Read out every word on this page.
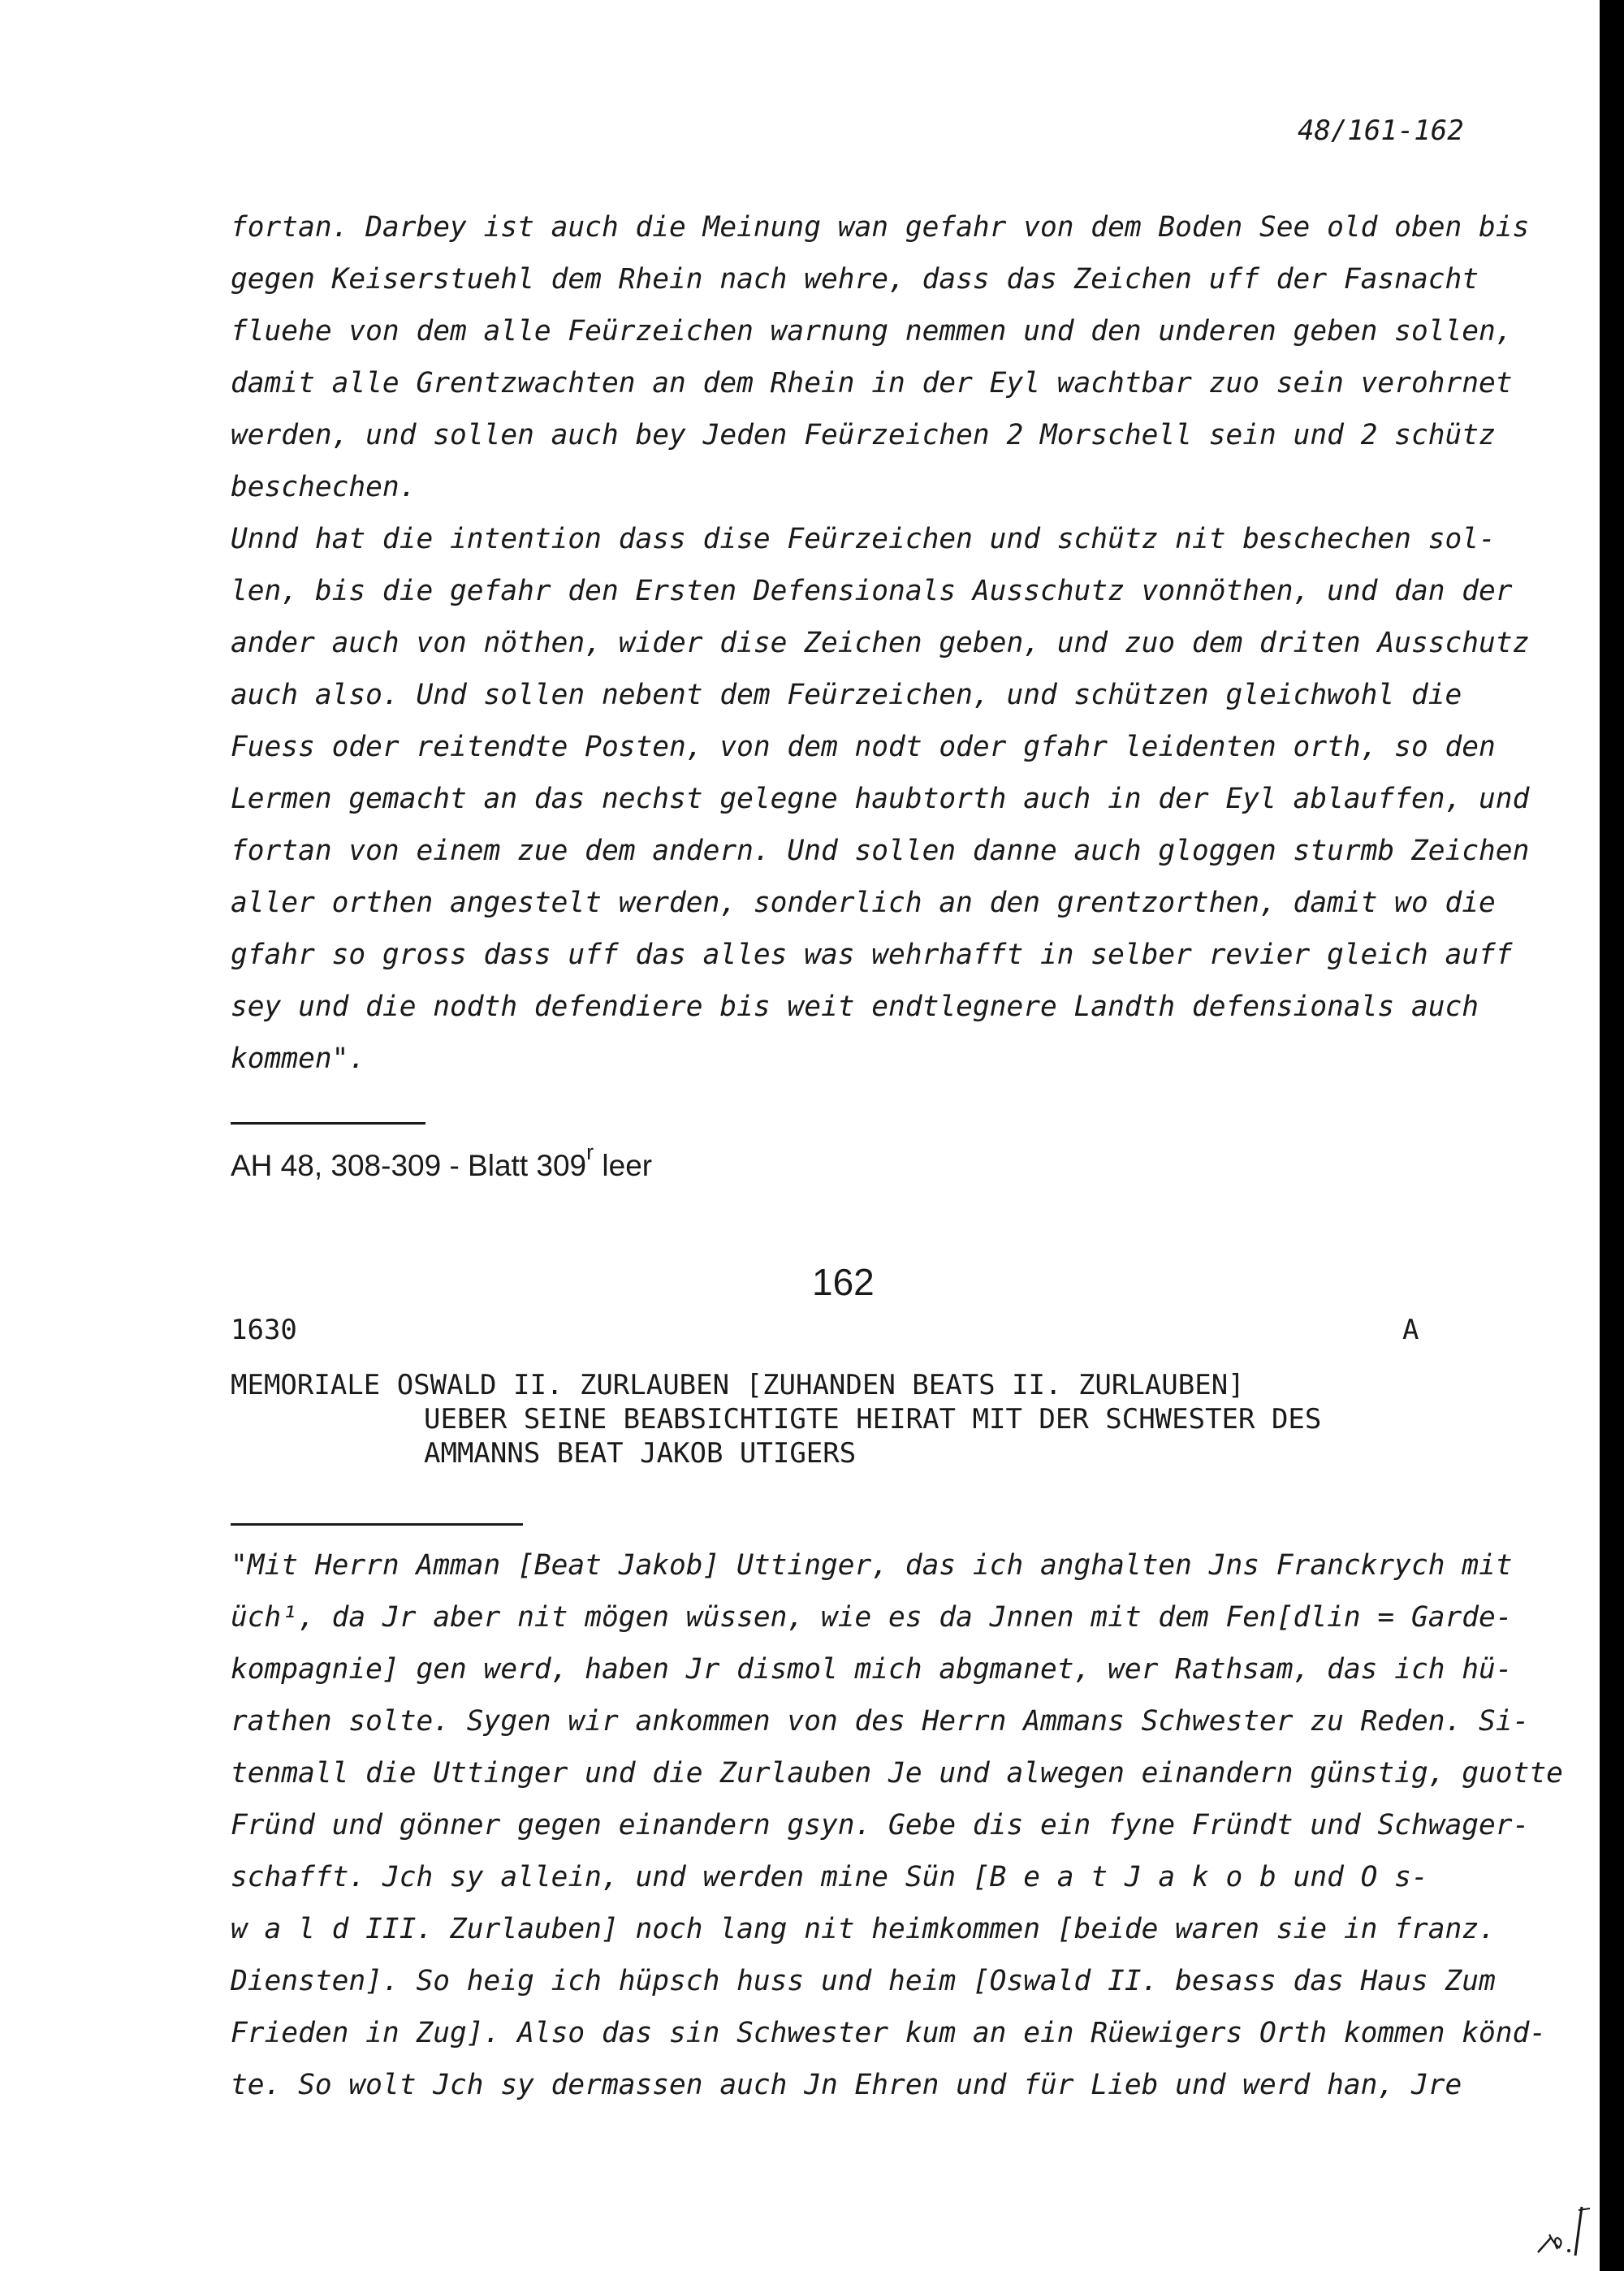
48/161-162
fortan. Darbey ist auch die Meinung wan gefahr von dem Boden See old oben bis
gegen Keiserstuehl dem Rhein nach wehre, dass das Zeichen uff der Fasnacht
fluehe von dem alle Feürzeichen warnung nemmen und den underen geben sollen,
damit alle Grentzwachten an dem Rhein in der Eyl wachtbar zuo sein verohrnet
werden, und sollen auch bey Jeden Feürzeichen 2 Morschell sein und 2 schütz
beschechen.
Unnd hat die intention dass dise Feürzeichen und schütz nit beschechen sol-
len, bis die gefahr den Ersten Defensionals Ausschutz vonnöthen, und dan der
ander auch von nöthen, wider dise Zeichen geben, und zuo dem driten Ausschutz
auch also. Und sollen nebent dem Feürzeichen, und schützen gleichwohl die
Fuess oder reitendte Posten, von dem nodt oder gfahr leidenten orth, so den
Lermen gemacht an das nechst gelegne haubtorth auch in der Eyl ablauffen, und
fortan von einem zue dem andern. Und sollen danne auch gloggen sturmb Zeichen
aller orthen angestelt werden, sonderlich an den grentzorthen, damit wo die
gfahr so gross dass uff das alles was wehrhafft in selber revier gleich auff
sey und die nodth defendiere bis weit endtlegnere Landth defensionals auch
kommen".
AH 48, 308-309 - Blatt 309$^r$ leer
162
1630	A
MEMORIALE OSWALD II. ZURLAUBEN [ZUHANDEN BEATS II. ZURLAUBEN]
UEBER SEINE BEABSICHTIGTE HEIRAT MIT DER SCHWESTER DES
AMMANNS BEAT JAKOB UTIGERS
"Mit Herrn Amman [Beat Jakob] Uttinger, das ich anghalten Jns Franckrych mit
üch¹, da Jr aber nit mögen wüssen, wie es da Jnnen mit dem Fen[dlin = Garde-
kompagnie] gen werd, haben Jr dismol mich abgmanet, wer Rathsam, das ich hü-
rathen solte. Sygen wir ankommen von des Herrn Ammans Schwester zu Reden. Si-
tenmall die Uttinger und die Zurlauben Je und alwegen einandern günstig, guotte
Fründ und gönner gegen einandern gsyn. Gebe dis ein fyne Fründt und Schwager-
schafft. Jch sy allein, und werden mine Sün [B e a t J a k o b und O s-
w a l d III. Zurlauben] noch lang nit heimkommen [beide waren sie in franz.
Diensten]. So heig ich hüpsch huss und heim [Oswald II. besass das Haus Zum
Frieden in Zug]. Also das sin Schwester kum an ein Rüewigers Orth kommen könd-
te. So wolt Jch sy dermassen auch Jn Ehren und für Lieb und werd han, Jre
